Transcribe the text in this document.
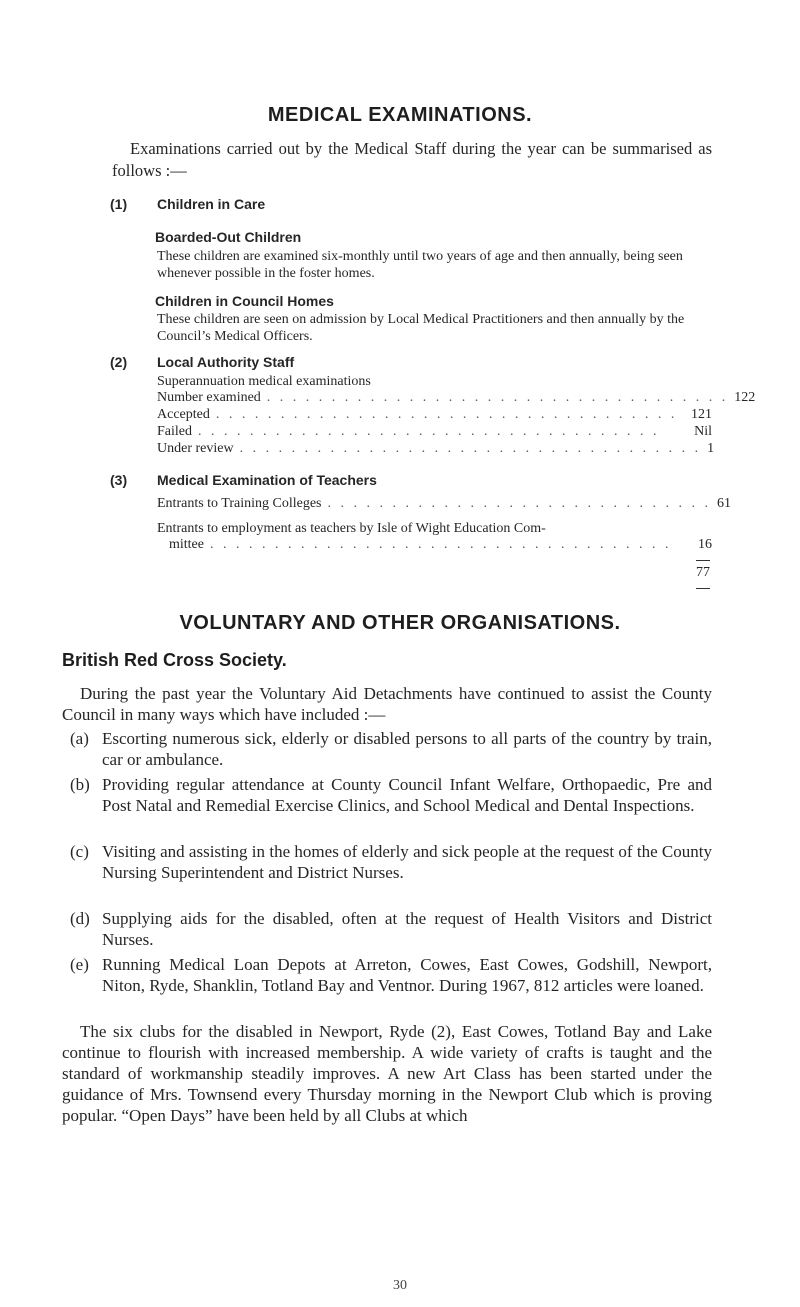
MEDICAL EXAMINATIONS.
Examinations carried out by the Medical Staff during the year can be summarised as follows :—
(1) Children in Care
Boarded-Out Children
These children are examined six-monthly until two years of age and then annually, being seen whenever possible in the foster homes.
Children in Council Homes
These children are seen on admission by Local Medical Practitioners and then annually by the Council’s Medical Officers.
(2) Local Authority Staff
Superannuation medical examinations
Number examined . . . . . . . . . . . . . . . . . . . . . . . . . . . . . . . . . . . . 122
Accepted . . . . . . . . . . . . . . . . . . . . . . . . . . . . . . . . . . . . 121
Failed . . . . . . . . . . . . . . . . . . . . . . . . . . . . . . . . . . . .	Nil
Under review . . . . . . . . . . . . . . . . . . . . . . . . . . . . . . . . . . . . 1
(3) Medical Examination of Teachers
Entrants to Training Colleges . . . . . . . . . . . . . . . . . . . . . . . . . . . . . . 61
Entrants to employment as teachers by Isle of Wight Education Com-
mittee . . . . . . . . . . . . . . . . . . . . . . . . . . . . . . . . . . . .	16
77
VOLUNTARY AND OTHER ORGANISATIONS.
British Red Cross Society.
During the past year the Voluntary Aid Detachments have continued to assist the County Council in many ways which have included :—
(a) Escorting numerous sick, elderly or disabled persons to all parts of the country by train, car or ambulance.
(b) Providing regular attendance at County Council Infant Welfare, Orthopaedic, Pre and Post Natal and Remedial Exercise Clinics, and School Medical and Dental Inspections.
(c) Visiting and assisting in the homes of elderly and sick people at the request of the County Nursing Superintendent and District Nurses.
(d) Supplying aids for the disabled, often at the request of Health Visitors and District Nurses.
(e) Running Medical Loan Depots at Arreton, Cowes, East Cowes, Godshill, Newport, Niton, Ryde, Shanklin, Totland Bay and Ventnor. During 1967, 812 articles were loaned.
The six clubs for the disabled in Newport, Ryde (2), East Cowes, Totland Bay and Lake continue to flourish with increased membership. A wide variety of crafts is taught and the standard of workmanship steadily improves. A new Art Class has been started under the guidance of Mrs. Townsend every Thursday morning in the Newport Club which is proving popular. “Open Days” have been held by all Clubs at which
30
